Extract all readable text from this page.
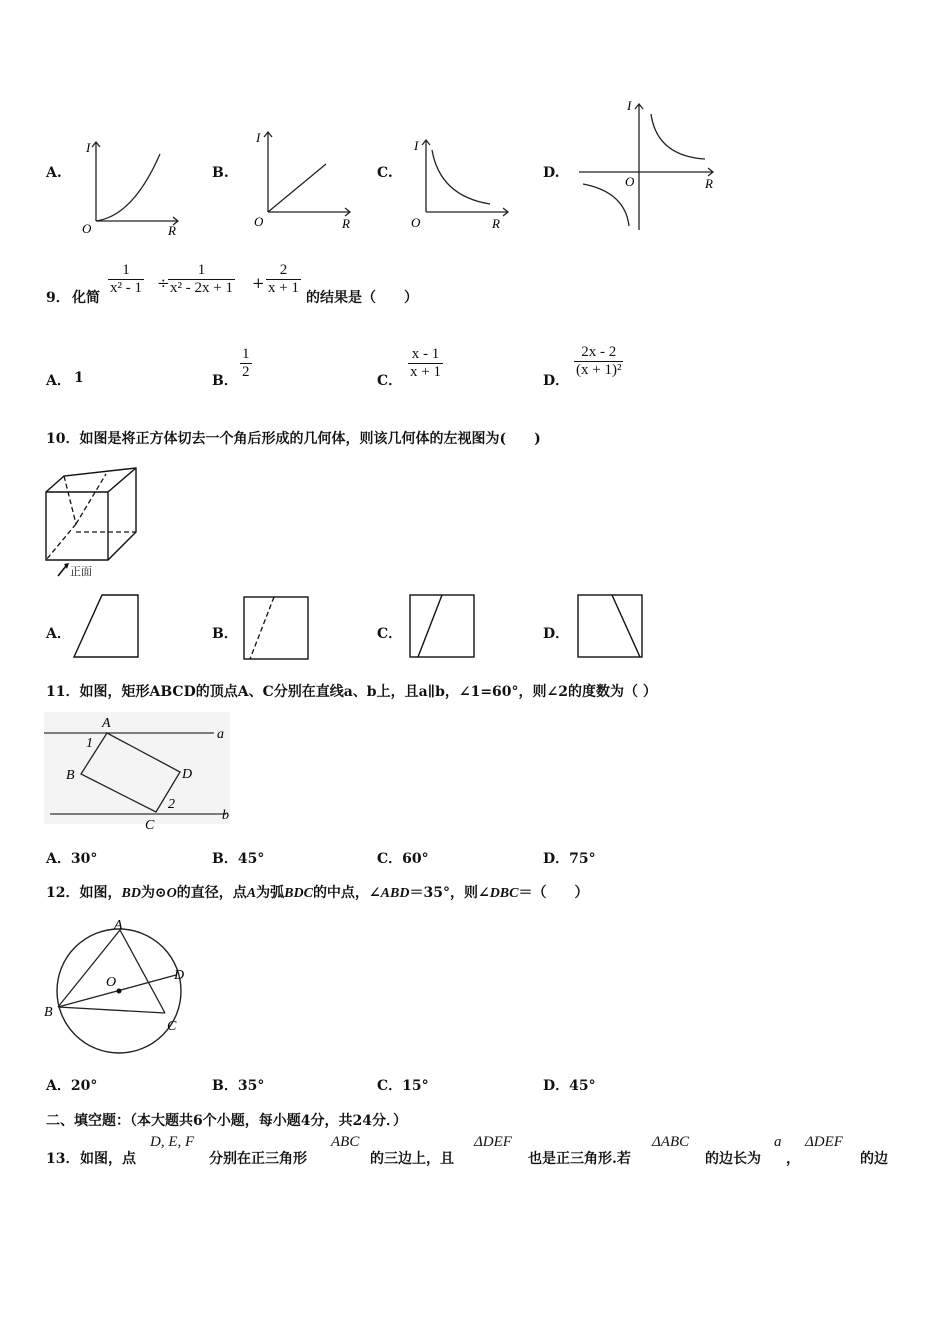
A.
I
O	R
B.
I
O	R
C.
I
O	R
D.
I
O	R
9． 化简
$\frac{1}{\text{x² - 1}}$ ÷
$\frac{1}{\text{x² - 2x + 1}} + \frac{2}{x + 1}$
的结果是（　　）
A． 1	B． $\frac{1}{2}$	C． $\frac{x - 1}{x + 1}$	D．
$\frac{2x - 2}{\text{(x + 1)²}}$
10．如图是将正方体切去一个角后形成的几何体，则该几何体的左视图为(　　)
正面
A．	B．	C．	D．
11．如图，矩形ABCD的顶点A、C分别在直线a、b上，且a∥b，∠1=60°，则∠2的度数为（ ）
A
B
C
D
a
b
1
2
A．30°	B．45°	C．60°	D．75°
12．如图，BD为⊙O的直径，点A为弧BDC的中点，∠ABD＝35°，则∠DBC＝（　　）
A
B
C
D
O
A．20°	B．35°	C．15°	D．45°
二、填空题：（本大题共6个小题，每小题4分，共24分．）
13． 如图，点
D, E, F
分别在正三角形
ABC
的三边上，且
ΔDEF
也是正三角形.若
ΔABC
的边长为
a
，
ΔDEF
的边
